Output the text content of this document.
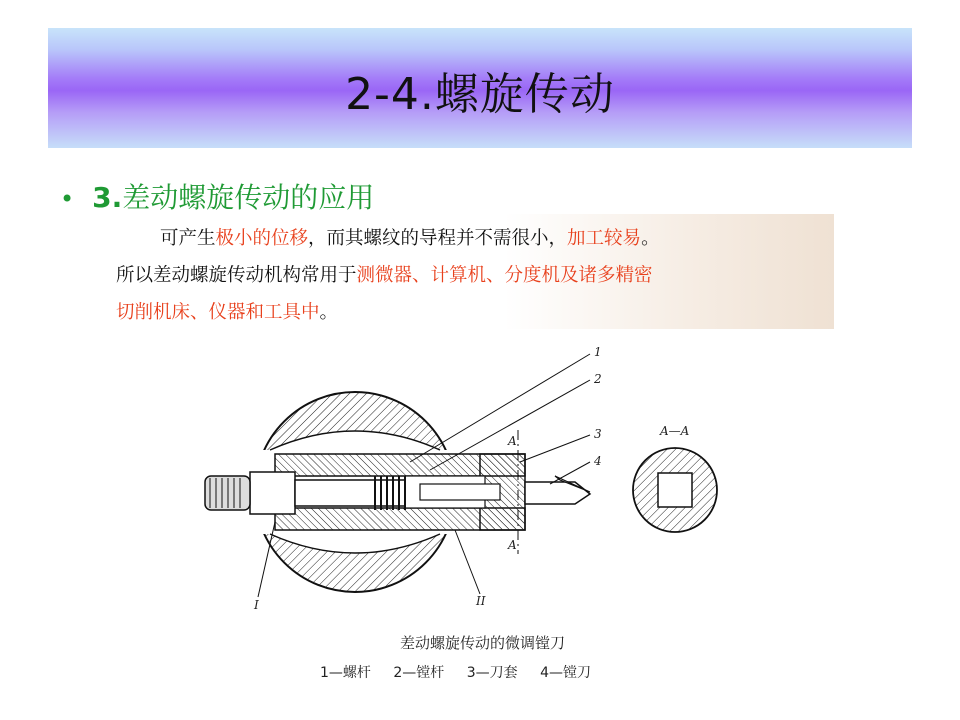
2-4.螺旋传动
• 3.差动螺旋传动的应用
可产生极小的位移，而其螺纹的导程并不需很小，加工较易。
所以差动螺旋传动机构常用于测微器、计算机、分度机及诸多精密
切削机床、仪器和工具中。
1
2
3
4
A
A
I	II
A—A
差动螺旋传动的微调镗刀
1—螺杆 2—镗杆 3—刀套 4—镗刀
